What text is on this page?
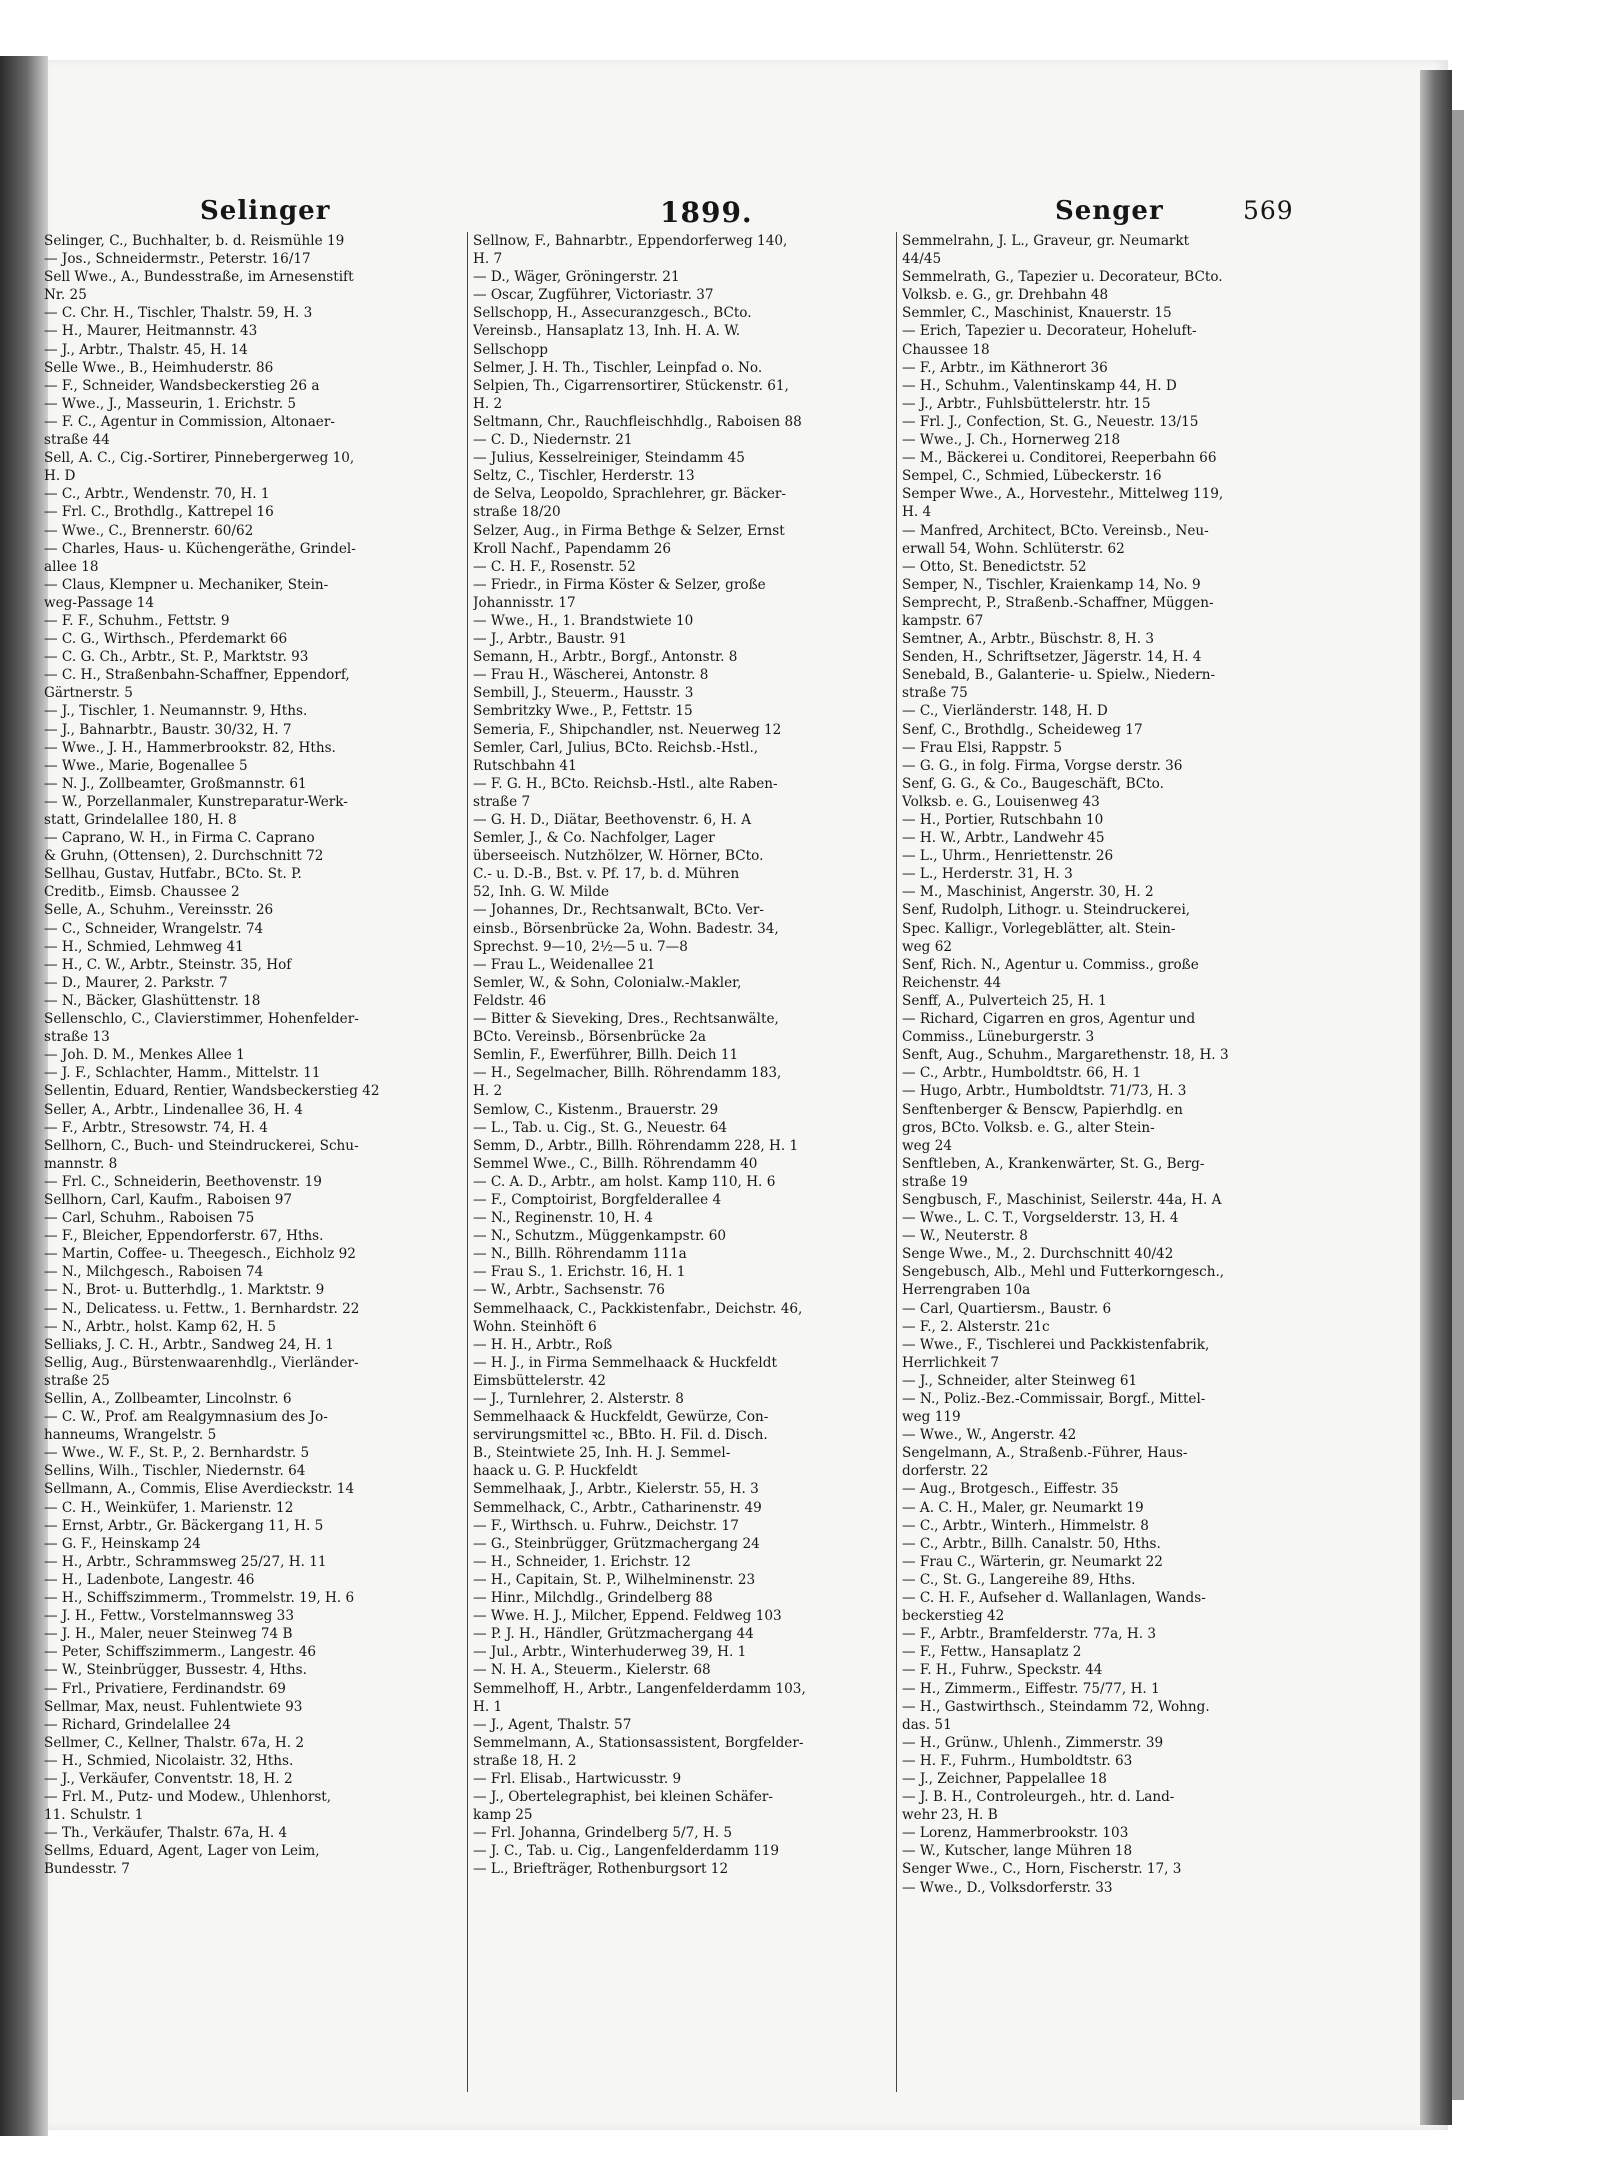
Selinger	1899.	Senger	569
Selinger, C., Buchhalter, b. d. Reismühle 19
— Jos., Schneidermstr., Peterstr. 16/17
Sell Wwe., A., Bundesstraße, im Arnesenstift
Nr. 25
— C. Chr. H., Tischler, Thalstr. 59, H. 3
— H., Maurer, Heitmannstr. 43
— J., Arbtr., Thalstr. 45, H. 14
Selle Wwe., B., Heimhuderstr. 86
— F., Schneider, Wandsbeckerstieg 26 a
— Wwe., J., Masseurin, 1. Erichstr. 5
— F. C., Agentur in Commission, Altonaer-
straße 44
Sell, A. C., Cig.-Sortirer, Pinnebergerweg 10,
H. D
— C., Arbtr., Wendenstr. 70, H. 1
— Frl. C., Brothdlg., Kattrepel 16
— Wwe., C., Brennerstr. 60/62
— Charles, Haus- u. Küchengeräthe, Grindel-
allee 18
— Claus, Klempner u. Mechaniker, Stein-
weg-Passage 14
— F. F., Schuhm., Fettstr. 9
— C. G., Wirthsch., Pferdemarkt 66
— C. G. Ch., Arbtr., St. P., Marktstr. 93
— C. H., Straßenbahn-Schaffner, Eppendorf,
Gärtnerstr. 5
— J., Tischler, 1. Neumannstr. 9, Hths.
— J., Bahnarbtr., Baustr. 30/32, H. 7
— Wwe., J. H., Hammerbrookstr. 82, Hths.
— Wwe., Marie, Bogenallee 5
— N. J., Zollbeamter, Großmannstr. 61
— W., Porzellanmaler, Kunstreparatur-Werk-
statt, Grindelallee 180, H. 8
— Caprano, W. H., in Firma C. Caprano
& Gruhn, (Ottensen), 2. Durchschnitt 72
Sellhau, Gustav, Hutfabr., BCto. St. P.
Creditb., Eimsb. Chaussee 2
Selle, A., Schuhm., Vereinsstr. 26
— C., Schneider, Wrangelstr. 74
— H., Schmied, Lehmweg 41
— H., C. W., Arbtr., Steinstr. 35, Hof
— D., Maurer, 2. Parkstr. 7
— N., Bäcker, Glashüttenstr. 18
Sellenschlo, C., Clavierstimmer, Hohenfelder-
straße 13
— Joh. D. M., Menkes Allee 1
— J. F., Schlachter, Hamm., Mittelstr. 11
Sellentin, Eduard, Rentier, Wandsbeckerstieg 42
Seller, A., Arbtr., Lindenallee 36, H. 4
— F., Arbtr., Stresowstr. 74, H. 4
Sellhorn, C., Buch- und Steindruckerei, Schu-
mannstr. 8
— Frl. C., Schneiderin, Beethovenstr. 19
Sellhorn, Carl, Kaufm., Raboisen 97
— Carl, Schuhm., Raboisen 75
— F., Bleicher, Eppendorferstr. 67, Hths.
— Martin, Coffee- u. Theegesch., Eichholz 92
— N., Milchgesch., Raboisen 74
— N., Brot- u. Butterhdlg., 1. Marktstr. 9
— N., Delicatess. u. Fettw., 1. Bernhardstr. 22
— N., Arbtr., holst. Kamp 62, H. 5
Selliaks, J. C. H., Arbtr., Sandweg 24, H. 1
Sellig, Aug., Bürstenwaarenhdlg., Vierländer-
straße 25
Sellin, A., Zollbeamter, Lincolnstr. 6
— C. W., Prof. am Realgymnasium des Jo-
hanneums, Wrangelstr. 5
— Wwe., W. F., St. P., 2. Bernhardstr. 5
Sellins, Wilh., Tischler, Niedernstr. 64
Sellmann, A., Commis, Elise Averdieckstr. 14
— C. H., Weinküfer, 1. Marienstr. 12
— Ernst, Arbtr., Gr. Bäckergang 11, H. 5
— G. F., Heinskamp 24
— H., Arbtr., Schrammsweg 25/27, H. 11
— H., Ladenbote, Langestr. 46
— H., Schiffszimmerm., Trommelstr. 19, H. 6
— J. H., Fettw., Vorstelmannsweg 33
— J. H., Maler, neuer Steinweg 74 B
— Peter, Schiffszimmerm., Langestr. 46
— W., Steinbrügger, Bussestr. 4, Hths.
— Frl., Privatiere, Ferdinandstr. 69
Sellmar, Max, neust. Fuhlentwiete 93
— Richard, Grindelallee 24
Sellmer, C., Kellner, Thalstr. 67a, H. 2
— H., Schmied, Nicolaistr. 32, Hths.
— J., Verkäufer, Conventstr. 18, H. 2
— Frl. M., Putz- und Modew., Uhlenhorst,
11. Schulstr. 1
— Th., Verkäufer, Thalstr. 67a, H. 4
Sellms, Eduard, Agent, Lager von Leim,
Bundesstr. 7
Sellnow, F., Bahnarbtr., Eppendorferweg 140,
H. 7
— D., Wäger, Gröningerstr. 21
— Oscar, Zugführer, Victoriastr. 37
Sellschopp, H., Assecuranzgesch., BCto.
Vereinsb., Hansaplatz 13, Inh. H. A. W.
Sellschopp
Selmer, J. H. Th., Tischler, Leinpfad o. No.
Selpien, Th., Cigarrensortirer, Stückenstr. 61,
H. 2
Seltmann, Chr., Rauchfleischhdlg., Raboisen 88
— C. D., Niedernstr. 21
— Julius, Kesselreiniger, Steindamm 45
Seltz, C., Tischler, Herderstr. 13
de Selva, Leopoldo, Sprachlehrer, gr. Bäcker-
straße 18/20
Selzer, Aug., in Firma Bethge & Selzer, Ernst
Kroll Nachf., Papendamm 26
— C. H. F., Rosenstr. 52
— Friedr., in Firma Köster & Selzer, große
Johannisstr. 17
— Wwe., H., 1. Brandstwiete 10
— J., Arbtr., Baustr. 91
Semann, H., Arbtr., Borgf., Antonstr. 8
— Frau H., Wäscherei, Antonstr. 8
Sembill, J., Steuerm., Hausstr. 3
Sembritzky Wwe., P., Fettstr. 15
Semeria, F., Shipchandler, nst. Neuerweg 12
Semler, Carl, Julius, BCto. Reichsb.-Hstl.,
Rutschbahn 41
— F. G. H., BCto. Reichsb.-Hstl., alte Raben-
straße 7
— G. H. D., Diätar, Beethovenstr. 6, H. A
Semler, J., & Co. Nachfolger, Lager
überseeisch. Nutzhölzer, W. Hörner, BCto.
C.- u. D.-B., Bst. v. Pf. 17, b. d. Mühren
52, Inh. G. W. Milde
— Johannes, Dr., Rechtsanwalt, BCto. Ver-
einsb., Börsenbrücke 2a, Wohn. Badestr. 34,
Sprechst. 9—10, 2½—5 u. 7—8
— Frau L., Weidenallee 21
Semler, W., & Sohn, Colonialw.-Makler,
Feldstr. 46
— Bitter & Sieveking, Dres., Rechtsanwälte,
BCto. Vereinsb., Börsenbrücke 2a
Semlin, F., Ewerführer, Billh. Deich 11
— H., Segelmacher, Billh. Röhrendamm 183,
H. 2
Semlow, C., Kistenm., Brauerstr. 29
— L., Tab. u. Cig., St. G., Neuestr. 64
Semm, D., Arbtr., Billh. Röhrendamm 228, H. 1
Semmel Wwe., C., Billh. Röhrendamm 40
— C. A. D., Arbtr., am holst. Kamp 110, H. 6
— F., Comptoirist, Borgfelderallee 4
— N., Reginenstr. 10, H. 4
— N., Schutzm., Müggenkampstr. 60
— N., Billh. Röhrendamm 111a
— Frau S., 1. Erichstr. 16, H. 1
— W., Arbtr., Sachsenstr. 76
Semmelhaack, C., Packkistenfabr., Deichstr. 46,
Wohn. Steinhöft 6
— H. H., Arbtr., Roß
— H. J., in Firma Semmelhaack & Huckfeldt
Eimsbüttelerstr. 42
— J., Turnlehrer, 2. Alsterstr. 8
Semmelhaack & Huckfeldt, Gewürze, Con-
servirungsmittel ꝛc., BBto. H. Fil. d. Disch.
B., Steintwiete 25, Inh. H. J. Semmel-
haack u. G. P. Huckfeldt
Semmelhaak, J., Arbtr., Kielerstr. 55, H. 3
Semmelhack, C., Arbtr., Catharinenstr. 49
— F., Wirthsch. u. Fuhrw., Deichstr. 17
— G., Steinbrügger, Grützmachergang 24
— H., Schneider, 1. Erichstr. 12
— H., Capitain, St. P., Wilhelminenstr. 23
— Hinr., Milchdlg., Grindelberg 88
— Wwe. H. J., Milcher, Eppend. Feldweg 103
— P. J. H., Händler, Grützmachergang 44
— Jul., Arbtr., Winterhuderweg 39, H. 1
— N. H. A., Steuerm., Kielerstr. 68
Semmelhoff, H., Arbtr., Langenfelderdamm 103,
H. 1
— J., Agent, Thalstr. 57
Semmelmann, A., Stationsassistent, Borgfelder-
straße 18, H. 2
— Frl. Elisab., Hartwicusstr. 9
— J., Obertelegraphist, bei kleinen Schäfer-
kamp 25
— Frl. Johanna, Grindelberg 5/7, H. 5
— J. C., Tab. u. Cig., Langenfelderdamm 119
— L., Briefträger, Rothenburgsort 12
Semmelrahn, J. L., Graveur, gr. Neumarkt
44/45
Semmelrath, G., Tapezier u. Decorateur, BCto.
Volksb. e. G., gr. Drehbahn 48
Semmler, C., Maschinist, Knauerstr. 15
— Erich, Tapezier u. Decorateur, Hoheluft-
Chaussee 18
— F., Arbtr., im Käthnerort 36
— H., Schuhm., Valentinskamp 44, H. D
— J., Arbtr., Fuhlsbüttelerstr. htr. 15
— Frl. J., Confection, St. G., Neuestr. 13/15
— Wwe., J. Ch., Hornerweg 218
— M., Bäckerei u. Conditorei, Reeperbahn 66
Sempel, C., Schmied, Lübeckerstr. 16
Semper Wwe., A., Horvestehr., Mittelweg 119,
H. 4
— Manfred, Architect, BCto. Vereinsb., Neu-
erwall 54, Wohn. Schlüterstr. 62
— Otto, St. Benedictstr. 52
Semper, N., Tischler, Kraienkamp 14, No. 9
Semprecht, P., Straßenb.-Schaffner, Müggen-
kampstr. 67
Semtner, A., Arbtr., Büschstr. 8, H. 3
Senden, H., Schriftsetzer, Jägerstr. 14, H. 4
Senebald, B., Galanterie- u. Spielw., Niedern-
straße 75
— C., Vierländerstr. 148, H. D
Senf, C., Brothdlg., Scheideweg 17
— Frau Elsi, Rappstr. 5
— G. G., in folg. Firma, Vorgse derstr. 36
Senf, G. G., & Co., Baugeschäft, BCto.
Volksb. e. G., Louisenweg 43
— H., Portier, Rutschbahn 10
— H. W., Arbtr., Landwehr 45
— L., Uhrm., Henriettenstr. 26
— L., Herderstr. 31, H. 3
— M., Maschinist, Angerstr. 30, H. 2
Senf, Rudolph, Lithogr. u. Steindruckerei,
Spec. Kalligr., Vorlegeblätter, alt. Stein-
weg 62
Senf, Rich. N., Agentur u. Commiss., große
Reichenstr. 44
Senff, A., Pulverteich 25, H. 1
— Richard, Cigarren en gros, Agentur und
Commiss., Lüneburgerstr. 3
Senft, Aug., Schuhm., Margarethenstr. 18, H. 3
— C., Arbtr., Humboldtstr. 66, H. 1
— Hugo, Arbtr., Humboldtstr. 71/73, H. 3
Senftenberger & Benscw, Papierhdlg. en
gros, BCto. Volksb. e. G., alter Stein-
weg 24
Senftleben, A., Krankenwärter, St. G., Berg-
straße 19
Sengbusch, F., Maschinist, Seilerstr. 44a, H. A
— Wwe., L. C. T., Vorgselderstr. 13, H. 4
— W., Neuterstr. 8
Senge Wwe., M., 2. Durchschnitt 40/42
Sengebusch, Alb., Mehl und Futterkorngesch.,
Herrengraben 10a
— Carl, Quartiersm., Baustr. 6
— F., 2. Alsterstr. 21c
— Wwe., F., Tischlerei und Packkistenfabrik,
Herrlichkeit 7
— J., Schneider, alter Steinweg 61
— N., Poliz.-Bez.-Commissair, Borgf., Mittel-
weg 119
— Wwe., W., Angerstr. 42
Sengelmann, A., Straßenb.-Führer, Haus-
dorferstr. 22
— Aug., Brotgesch., Eiffestr. 35
— A. C. H., Maler, gr. Neumarkt 19
— C., Arbtr., Winterh., Himmelstr. 8
— C., Arbtr., Billh. Canalstr. 50, Hths.
— Frau C., Wärterin, gr. Neumarkt 22
— C., St. G., Langereihe 89, Hths.
— C. H. F., Aufseher d. Wallanlagen, Wands-
beckerstieg 42
— F., Arbtr., Bramfelderstr. 77a, H. 3
— F., Fettw., Hansaplatz 2
— F. H., Fuhrw., Speckstr. 44
— H., Zimmerm., Eiffestr. 75/77, H. 1
— H., Gastwirthsch., Steindamm 72, Wohng.
das. 51
— H., Grünw., Uhlenh., Zimmerstr. 39
— H. F., Fuhrm., Humboldtstr. 63
— J., Zeichner, Pappelallee 18
— J. B. H., Controleurgeh., htr. d. Land-
wehr 23, H. B
— Lorenz, Hammerbrookstr. 103
— W., Kutscher, lange Mühren 18
Senger Wwe., C., Horn, Fischerstr. 17, 3
— Wwe., D., Volksdorferstr. 33
